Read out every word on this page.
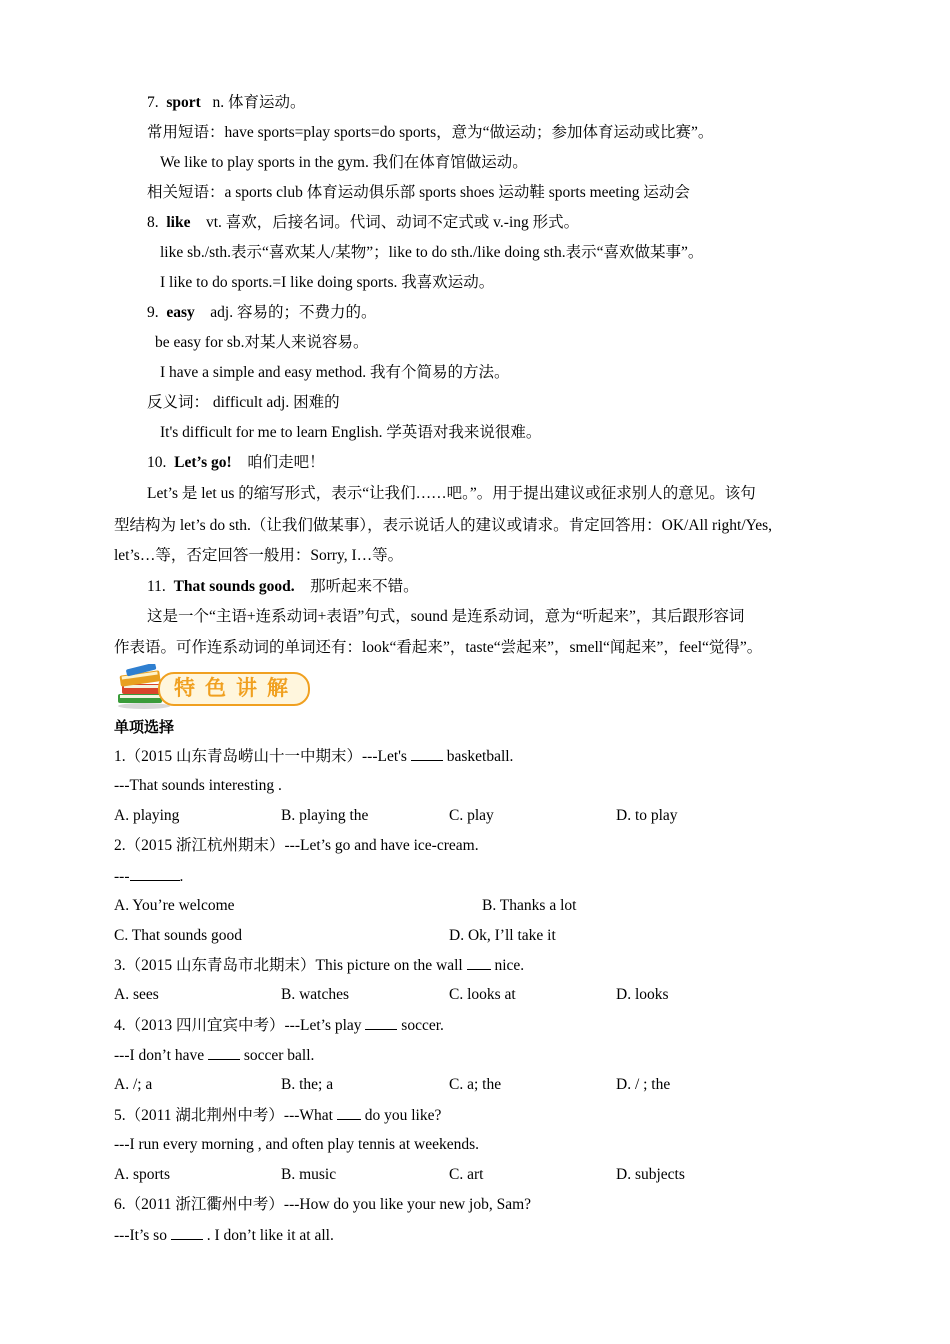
7. sport n. 体育运动。
常用短语：have sports=play sports=do sports，意为“做运动；参加体育运动或比赛”。
We like to play sports in the gym. 我们在体育馆做运动。
相关短语：a sports club 体育运动俱乐部 sports shoes 运动鞋 sports meeting 运动会
8. like vt. 喜欢，后接名词。代词、动词不定式或 v.-ing 形式。
like sb./sth.表示“喜欢某人/某物”；like to do sth./like doing sth.表示“喜欢做某事”。
I like to do sports.=I like doing sports. 我喜欢运动。
9. easy adj. 容易的；不费力的。
be easy for sb.对某人来说容易。
I have a simple and easy method. 我有个简易的方法。
反义词： difficult adj. 困难的
It's difficult for me to learn English. 学英语对我来说很难。
10. Let’s go! 咱们走吧！
Let’s 是 let us 的缩写形式，表示“让我们……吧。”。用于提出建议或征求别人的意见。该句
型结构为 let’s do sth.（让我们做某事），表示说话人的建议或请求。肯定回答用：OK/All right/Yes,
let’s…等，否定回答一般用：Sorry, I…等。
11. That sounds good. 那听起来不错。
这是一个“主语+连系动词+表语”句式，sound 是连系动词，意为“听起来”，其后跟形容词
作表语。可作连系动词的单词还有：look“看起来”，taste“尝起来”，smell“闻起来”，feel“觉得”。
特色讲解
单项选择
1.（2015 山东青岛崂山十一中期末）---Let's	basketball.
---That sounds interesting .
A. playing	B. playing the	C. play	D. to play
2.（2015 浙江杭州期末）---Let’s go and have ice-cream.
---	.
A. You’re welcome	B. Thanks a lot
C. That sounds good	D. Ok, I’ll take it
3.（2015 山东青岛市北期末）This picture on the wall nice.
A. sees	B. watches	C. looks at	D. looks
4.（2013 四川宜宾中考）---Let’s play	soccer.
---I don’t have	soccer ball.
A. /; a	B. the; a	C. a; the	D. / ; the
5.（2011 湖北荆州中考）---What do you like?
---I run every morning , and often play tennis at weekends.
A. sports	B. music	C. art	D. subjects
6.（2011 浙江衢州中考）---How do you like your new job, Sam?
---It’s so	. I don’t like it at all.
